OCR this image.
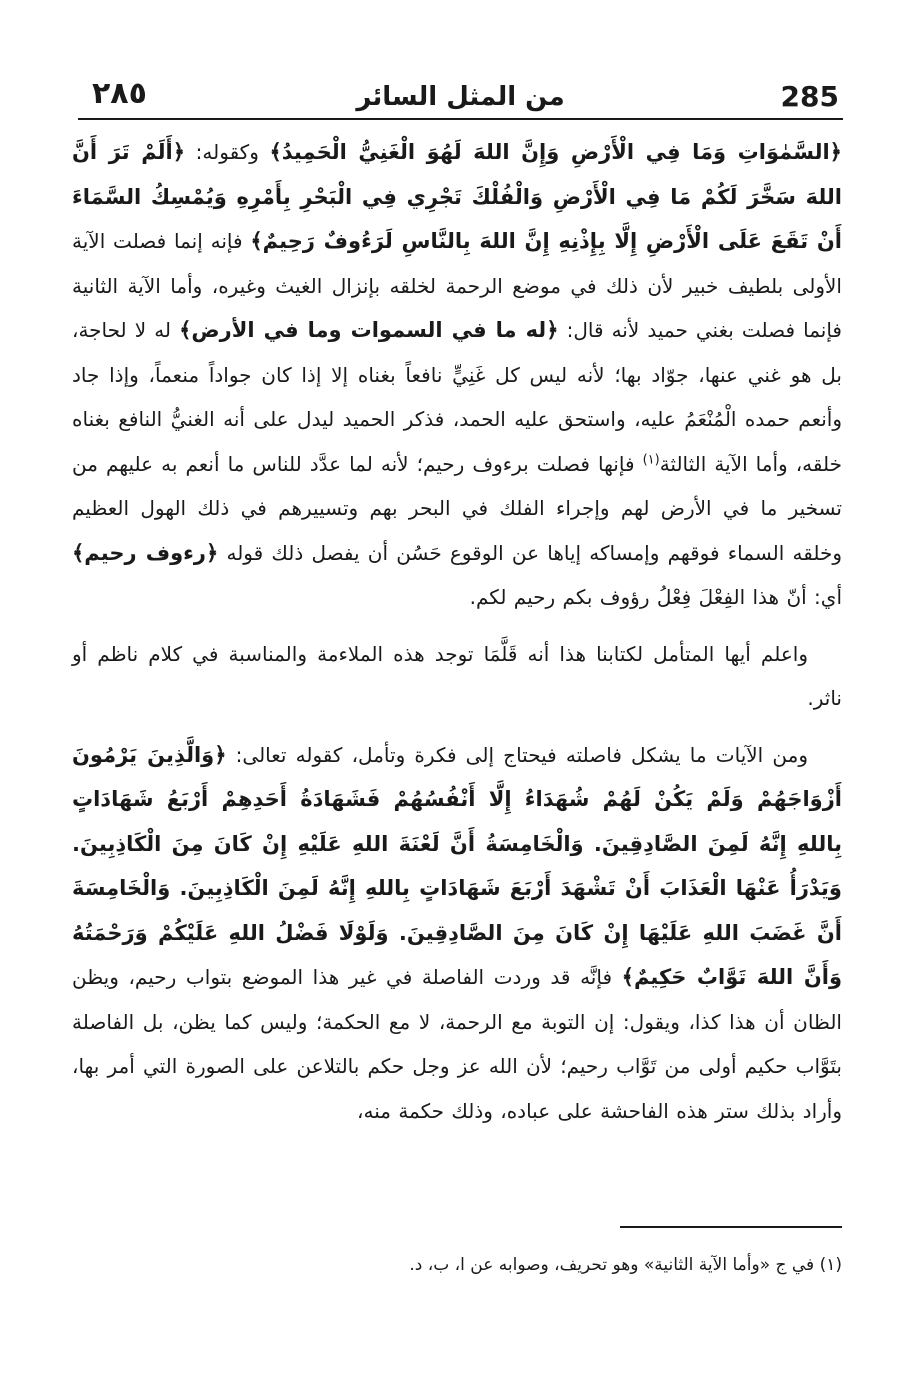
٢٨٥	من المثل السائر	285

﴿السَّمٰوَاتِ وَمَا فِي الْأَرْضِ وَإِنَّ اللهَ لَهُوَ الْغَنِيُّ الْحَمِيدُ﴾ وكقوله: ﴿أَلَمْ تَرَ أَنَّ اللهَ سَخَّرَ لَكُمْ مَا فِي الْأَرْضِ وَالْفُلْكَ تَجْرِي فِي الْبَحْرِ بِأَمْرِهِ وَيُمْسِكُ السَّمَاءَ أَنْ تَقَعَ عَلَى الْأَرْضِ إِلَّا بِإِذْنِهِ إِنَّ اللهَ بِالنَّاسِ لَرَءُوفٌ رَحِيمٌ﴾ فإنه إنما فصلت الآية الأولى بلطيف خبير لأن ذلك في موضع الرحمة لخلقه بإنزال الغيث وغيره، وأما الآية الثانية فإنما فصلت بغني حميد لأنه قال: ﴿له ما في السموات وما في الأرض﴾ له لا لحاجة، بل هو غني عنها، جوّاد بها؛ لأنه ليس كل غَنِيٍّ نافعاً بغناه إلا إذا كان جواداً منعماً، وإذا جاد وأنعم حمده الْمُنْعَمُ عليه، واستحق عليه الحمد، فذكر الحميد ليدل على أنه الغنيُّ النافع بغناه خلقه، وأما الآية الثالثة$^{(١)}$ فإنها فصلت برءوف رحيم؛ لأنه لما عدَّد للناس ما أنعم به عليهم من تسخير ما في الأرض لهم وإجراء الفلك في البحر بهم وتسييرهم في ذلك الهول العظيم وخلقه السماء فوقهم وإمساكه إياها عن الوقوع حَسُن أن يفصل ذلك قوله ﴿رءوف رحيم﴾ أي: أنّ هذا الفِعْلَ فِعْلُ رؤوف بكم رحيم لكم.

واعلم أيها المتأمل لكتابنا هذا أنه قَلَّمَا توجد هذه الملاءمة والمناسبة في كلام ناظم أو ناثر.

ومن الآيات ما يشكل فاصلته فيحتاج إلى فكرة وتأمل، كقوله تعالى: ﴿وَالَّذِينَ يَرْمُونَ أَزْوَاجَهُمْ وَلَمْ يَكُنْ لَهُمْ شُهَدَاءُ إِلَّا أَنْفُسُهُمْ فَشَهَادَةُ أَحَدِهِمْ أَرْبَعُ شَهَادَاتٍ بِاللهِ إِنَّهُ لَمِنَ الصَّادِقِينَ. وَالْخَامِسَةُ أَنَّ لَعْنَةَ اللهِ عَلَيْهِ إِنْ كَانَ مِنَ الْكَاذِبِينَ. وَيَدْرَأُ عَنْهَا الْعَذَابَ أَنْ تَشْهَدَ أَرْبَعَ شَهَادَاتٍ بِاللهِ إِنَّهُ لَمِنَ الْكَاذِبِينَ. وَالْخَامِسَةَ أَنَّ غَضَبَ اللهِ عَلَيْهَا إِنْ كَانَ مِنَ الصَّادِقِينَ. وَلَوْلَا فَضْلُ اللهِ عَلَيْكُمْ وَرَحْمَتُهُ وَأَنَّ اللهَ تَوَّابٌ حَكِيمٌ﴾ فإنَّه قد وردت الفاصلة في غير هذا الموضع بتواب رحيم، ويظن الظان أن هذا كذا، ويقول: إن التوبة مع الرحمة، لا مع الحكمة؛ وليس كما يظن، بل الفاصلة بتَوَّاب حكيم أولى من تَوَّاب رحيم؛ لأن الله عز وجل حكم بالتلاعن على الصورة التي أمر بها، وأراد بذلك ستر هذه الفاحشة على عباده، وذلك حكمة منه،

(١) في ج «وأما الآية الثانية» وهو تحريف، وصوابه عن ا، ب، د.
